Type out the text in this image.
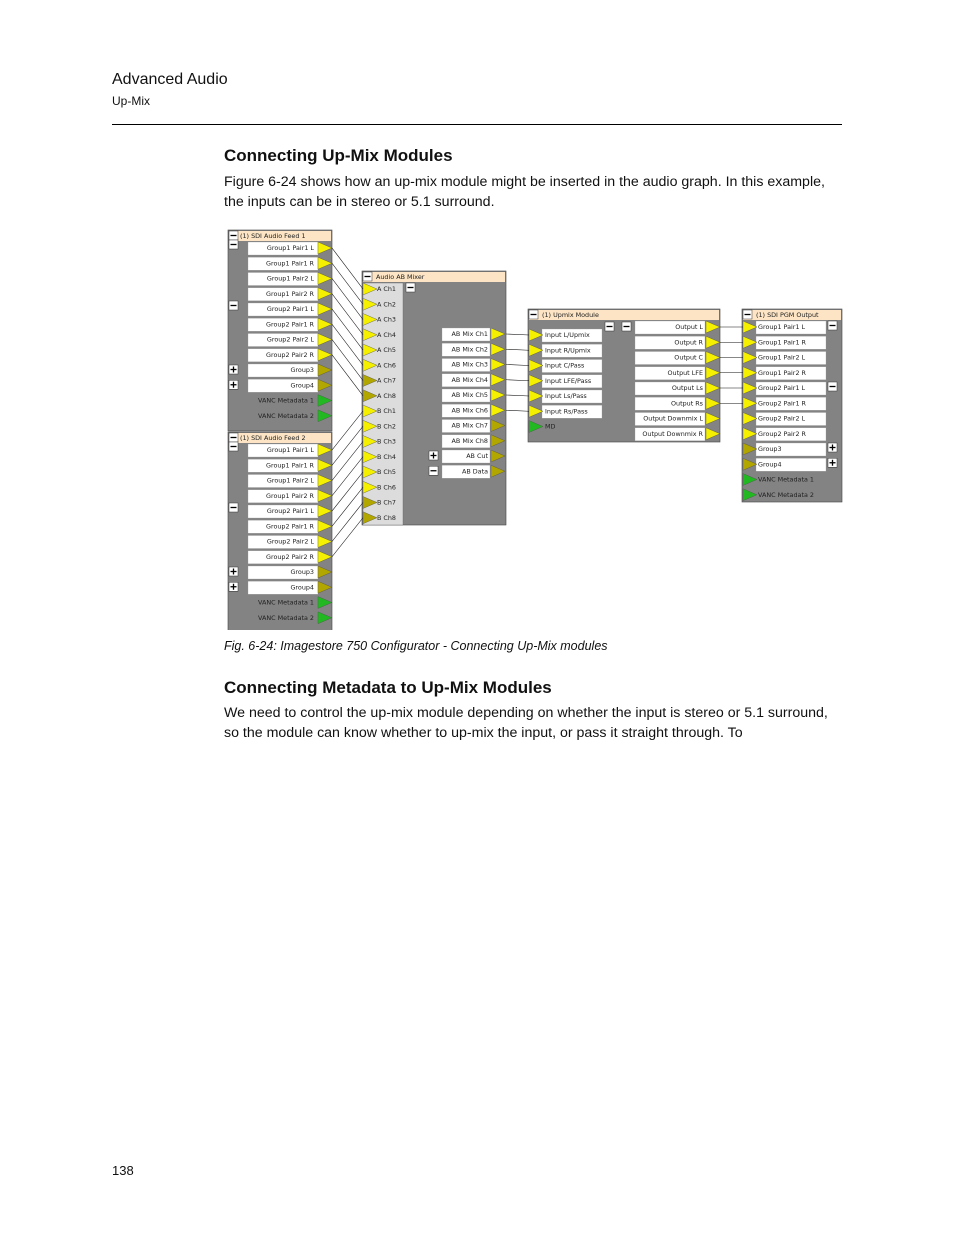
Advanced Audio
Up-Mix
Connecting Up-Mix Modules

Figure 6-24 shows how an up-mix module might be inserted in the audio graph. In this example, the inputs can be in stereo or 5.1 surround.

(1) SDI Audio Feed 1
Group1 Pair1 L
Group1 Pair1 R
Group1 Pair2 L
Group1 Pair2 R
Group2 Pair1 L
Group2 Pair1 R
Group2 Pair2 L
Group2 Pair2 R
Group3
Group4
VANC Metadata 1
VANC Metadata 2
(1) SDI Audio Feed 2
Group1 Pair1 L
Group1 Pair1 R
Group1 Pair2 L
Group1 Pair2 R
Group2 Pair1 L
Group2 Pair1 R
Group2 Pair2 L
Group2 Pair2 R
Group3
Group4
VANC Metadata 1
VANC Metadata 2
Audio AB Mixer
A Ch1
A Ch2
A Ch3
A Ch4
A Ch5
A Ch6
A Ch7
A Ch8
B Ch1
B Ch2
B Ch3
B Ch4
B Ch5
B Ch6
B Ch7
B Ch8
AB Mix Ch1
AB Mix Ch2
AB Mix Ch3
AB Mix Ch4
AB Mix Ch5
AB Mix Ch6
AB Mix Ch7
AB Mix Ch8
AB Cut
AB Data
(1) Upmix Module
Input L/Upmix
Input R/Upmix
Input C/Pass
Input LFE/Pass
Input Ls/Pass
Input Rs/Pass
MD
Output L
Output R
Output C
Output LFE
Output Ls
Output Rs
Output Downmix L
Output Downmix R
(1) SDI PGM Output
Group1 Pair1 L
Group1 Pair1 R
Group1 Pair2 L
Group1 Pair2 R
Group2 Pair1 L
Group2 Pair1 R
Group2 Pair2 L
Group2 Pair2 R
Group3
Group4
VANC Metadata 1
VANC Metadata 2
Fig. 6-24: Imagestore 750 Configurator - Connecting Up-Mix modules
Connecting Metadata to Up-Mix Modules

We need to control the up-mix module depending on whether the input is stereo or 5.1 surround, so the module can know whether to up-mix the input, or pass it straight through. To

138
